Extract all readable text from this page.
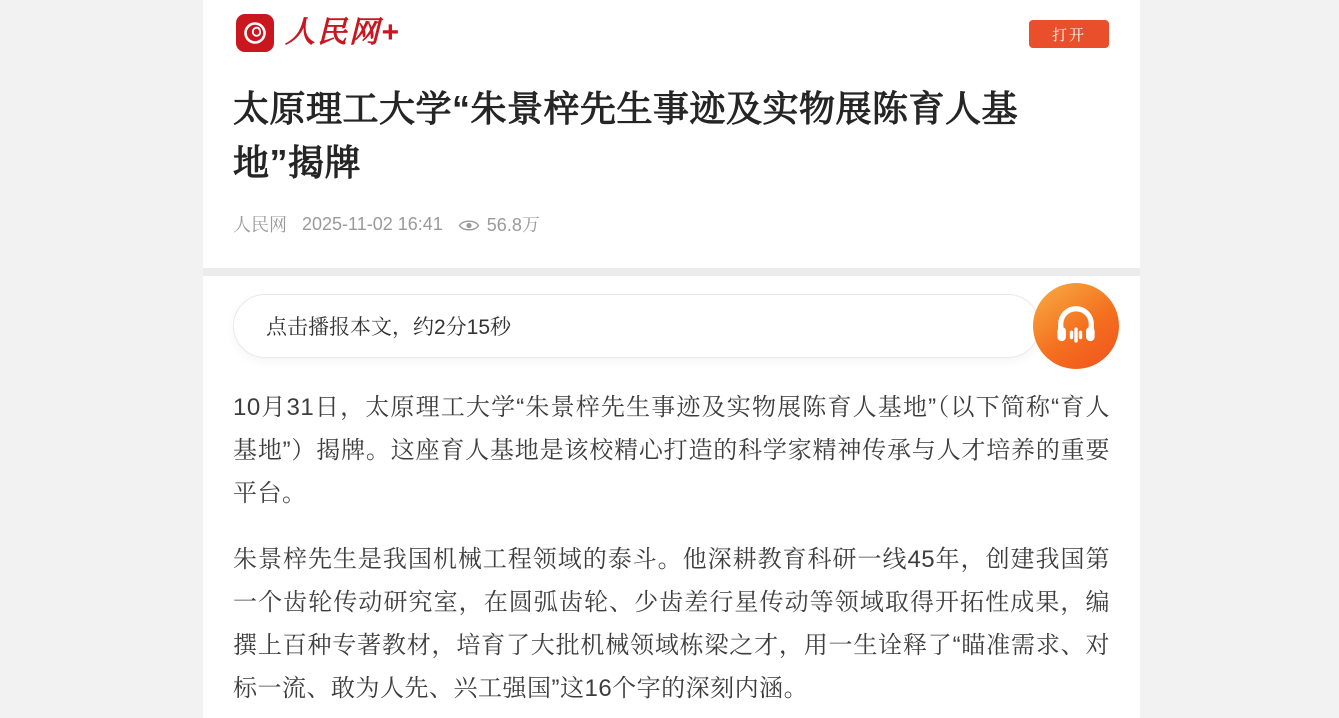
人民网+	打开
太原理工大学“朱景梓先生事迹及实物展陈育人基地”揭牌
人民网 2025-11-02 16:41 56.8万
点击播报本文，约2分15秒

10月31日，太原理工大学“朱景梓先生事迹及实物展陈育人基地”（以下简称“育人基地”）揭牌。这座育人基地是该校精心打造的科学家精神传承与人才培养的重要平台。

朱景梓先生是我国机械工程领域的泰斗。他深耕教育科研一线45年，创建我国第一个齿轮传动研究室，在圆弧齿轮、少齿差行星传动等领域取得开拓性成果，编撰上百种专著教材，培育了大批机械领域栋梁之才，用一生诠释了“瞄准需求、对标一流、敢为人先、兴工强国”这16个字的深刻内涵。
